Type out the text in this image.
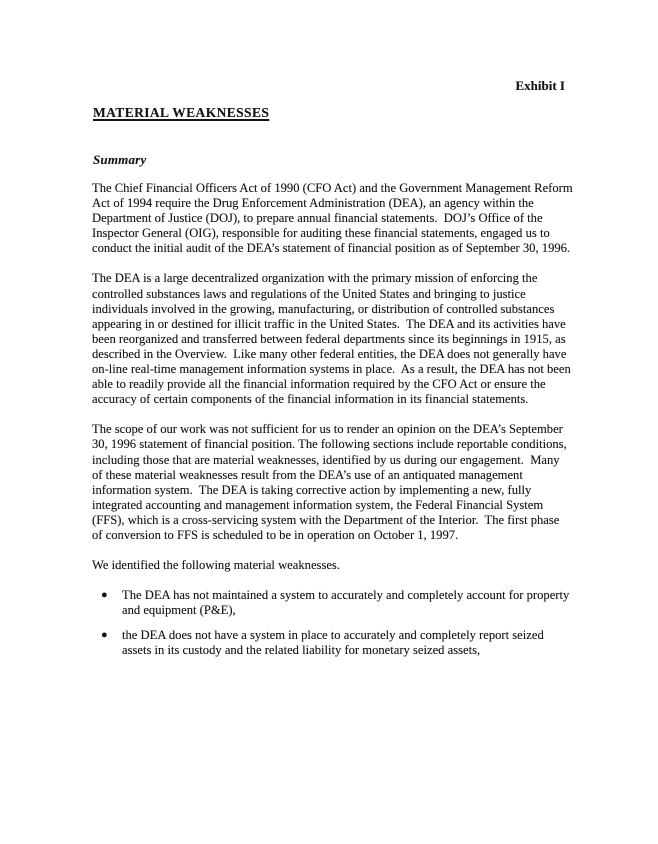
Exhibit I
MATERIAL WEAKNESSES
Summary

The Chief Financial Officers Act of 1990 (CFO Act) and the Government Management Reform Act of 1994 require the Drug Enforcement Administration (DEA), an agency within the Department of Justice (DOJ), to prepare annual financial statements.  DOJ’s Office of the Inspector General (OIG), responsible for auditing these financial statements, engaged us to conduct the initial audit of the DEA’s statement of financial position as of September 30, 1996.

The DEA is a large decentralized organization with the primary mission of enforcing the controlled substances laws and regulations of the United States and bringing to justice individuals involved in the growing, manufacturing, or distribution of controlled substances appearing in or destined for illicit traffic in the United States.  The DEA and its activities have been reorganized and transferred between federal departments since its beginnings in 1915, as described in the Overview.  Like many other federal entities, the DEA does not generally have on-line real-time management information systems in place.  As a result, the DEA has not been able to readily provide all the financial information required by the CFO Act or ensure the accuracy of certain components of the financial information in its financial statements.

The scope of our work was not sufficient for us to render an opinion on the DEA’s September 30, 1996 statement of financial position. The following sections include reportable conditions, including those that are material weaknesses, identified by us during our engagement.  Many of these material weaknesses result from the DEA’s use of an antiquated management information system.  The DEA is taking corrective action by implementing a new, fully integrated accounting and management information system, the Federal Financial System (FFS), which is a cross-servicing system with the Department of the Interior.  The first phase of conversion to FFS is scheduled to be in operation on October 1, 1997.

We identified the following material weaknesses.

●	The DEA has not maintained a system to accurately and completely account for property and equipment (P&E),
●	the DEA does not have a system in place to accurately and completely report seized assets in its custody and the related liability for monetary seized assets,
